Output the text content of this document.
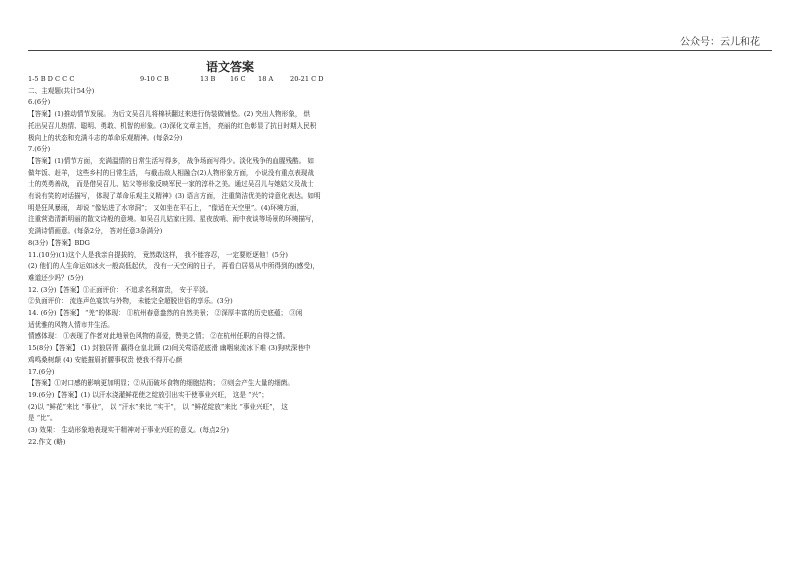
公众号：云儿和花
语文答案
1-5 B D C C C	9-10 C B	13 B	16 C	18 A	20-21 C D
二、主观题(共计54分)
6.(6分)
【答案】(1)推动情节发展。 为后文吴召儿将棉袄翻过来进行伪装做铺垫。(2) 突出人物形象， 烘
托出吴召儿热情、聪明、勇敢、机智的形象。(3)深化文章主旨， 亮丽的红色彰显了抗日时期人民积
极向上的状态和充满斗志的革命乐观精神。(每条2分)
7.(6分)
【答案】(1)情节方面， 充满温情的日常生活写得多， 战争场面写得少。淡化残争的血腥残酷。 如
做年饭、赶羊， 这些乡村的日常生活， 与截击敌人相融合(2)人物形象方面， 小说没有重点表现战
士的英勇善战， 而是借吴召儿、姑父等形象反映军民一家的淳朴之美。通过吴召儿与她姑父及战士
有说有笑的对话描写， 体现了革命乐观主义精神》(3) 语言方面， 注重简洁优美的诗意化表达。如明
明是狂风暴雨， 却说 “像钻进了水帘洞”； 又如坐在平石上， “像适在天空里”。(4)环境方面，
注重营造清新明丽的散文诗般的意境。如吴召儿姑家庄园、星夜放哨、雨中夜谈等场景的环境描写，
充满诗情画意。(每条2分， 答对任意3条满分)
8(3分)【答案】BDG
11.(10分)(1)这个人是我亲自提拔的， 竟然敢这样， 我不能容忍， 一定要贬逐他！(5分)
(2) 他们的人生命运如冰火一般高低起伏， 没有一天空闲的日子， 再看白居易从中所得到的(感受)，
难道还少吗？(5分)
12. (3分)【答案】①正面评价： 不追求名利富贵， 安于平淡。
②负面评价： 流连声色宴饮与外物， 未能完全超脱世俗的享乐。(3分)
14. (6分)【答案】 “羌”的体现： ①杭州春意盎然的自然美景； ②深厚丰富的历史底蕴； ③闲
适优雅的风物人情市井生活。
情感体现： ①表现了作者对此地景色风物的喜爱，赞美之情； ②在杭州任职的自得之情。
15(8分)【答案】 (1) 封狼居胥 赢得仓皇北顾 (2)间关莺语花底滑 幽咽泉流冰下难 (3)狗吠深巷中
鸡鸣桑树颠 (4) 安能摧眉折腰事权贵 使我不得开心颜
17.(6分)
【答案】①对口感的影响更加明显；②从而破坏食物的细胞结构； ③则会产生大量的细菌。
19.(6分)【答案】(1) 以汗水浇灌鲜花使之绽放引出实干使事业兴旺， 这是 “兴”；
(2)以 “鲜花”来比 “事业”， 以 “汗水”来比 “实干”， 以 “鲜花绽放”来比 “事业兴旺”， 这
是 “比”。
(3) 效果： 生动形象地表现实干精神对于事业兴旺的意义。(每点2分)
22.作文 (略)
